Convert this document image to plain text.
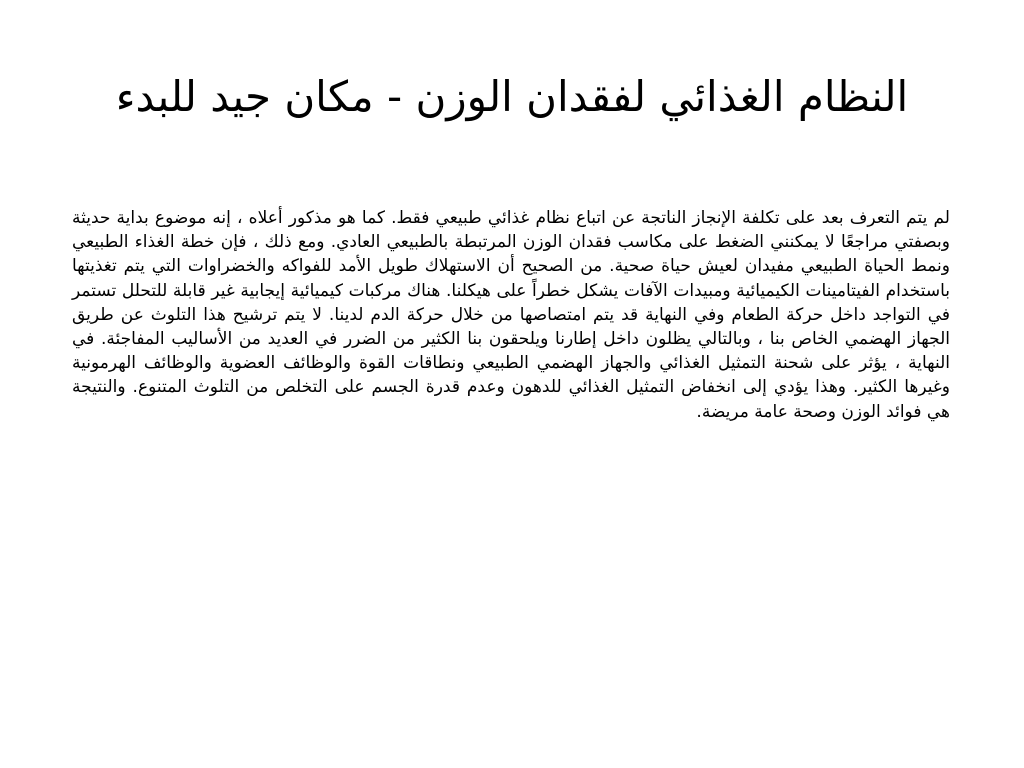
النظام الغذائي لفقدان الوزن - مكان جيد للبدء

لم يتم التعرف بعد على تكلفة الإنجاز الناتجة عن اتباع نظام غذائي طبيعي فقط. كما هو مذكور أعلاه ، إنه موضوع بداية حديثة وبصفتي مراجعًا لا يمكنني الضغط على مكاسب فقدان الوزن المرتبطة بالطبيعي العادي. ومع ذلك ، فإن خطة الغذاء الطبيعي ونمط الحياة الطبيعي مفيدان لعيش حياة صحية. من الصحيح أن الاستهلاك طويل الأمد للفواكه والخضراوات التي يتم تغذيتها باستخدام الفيتامينات الكيميائية ومبيدات الآفات يشكل خطراً على هيكلنا. هناك مركبات كيميائية إيجابية غير قابلة للتحلل تستمر في التواجد داخل حركة الطعام وفي النهاية قد يتم امتصاصها من خلال حركة الدم لدينا. لا يتم ترشيح هذا التلوث عن طريق الجهاز الهضمي الخاص بنا ، وبالتالي يظلون داخل إطارنا ويلحقون بنا الكثير من الضرر في العديد من الأساليب المفاجئة. في النهاية ، يؤثر على شحنة التمثيل الغذائي والجهاز الهضمي الطبيعي ونطاقات القوة والوظائف العضوية والوظائف الهرمونية وغيرها الكثير. وهذا يؤدي إلى انخفاض التمثيل الغذائي للدهون وعدم قدرة الجسم على التخلص من التلوث المتنوع. والنتيجة هي فوائد الوزن وصحة عامة مريضة.
